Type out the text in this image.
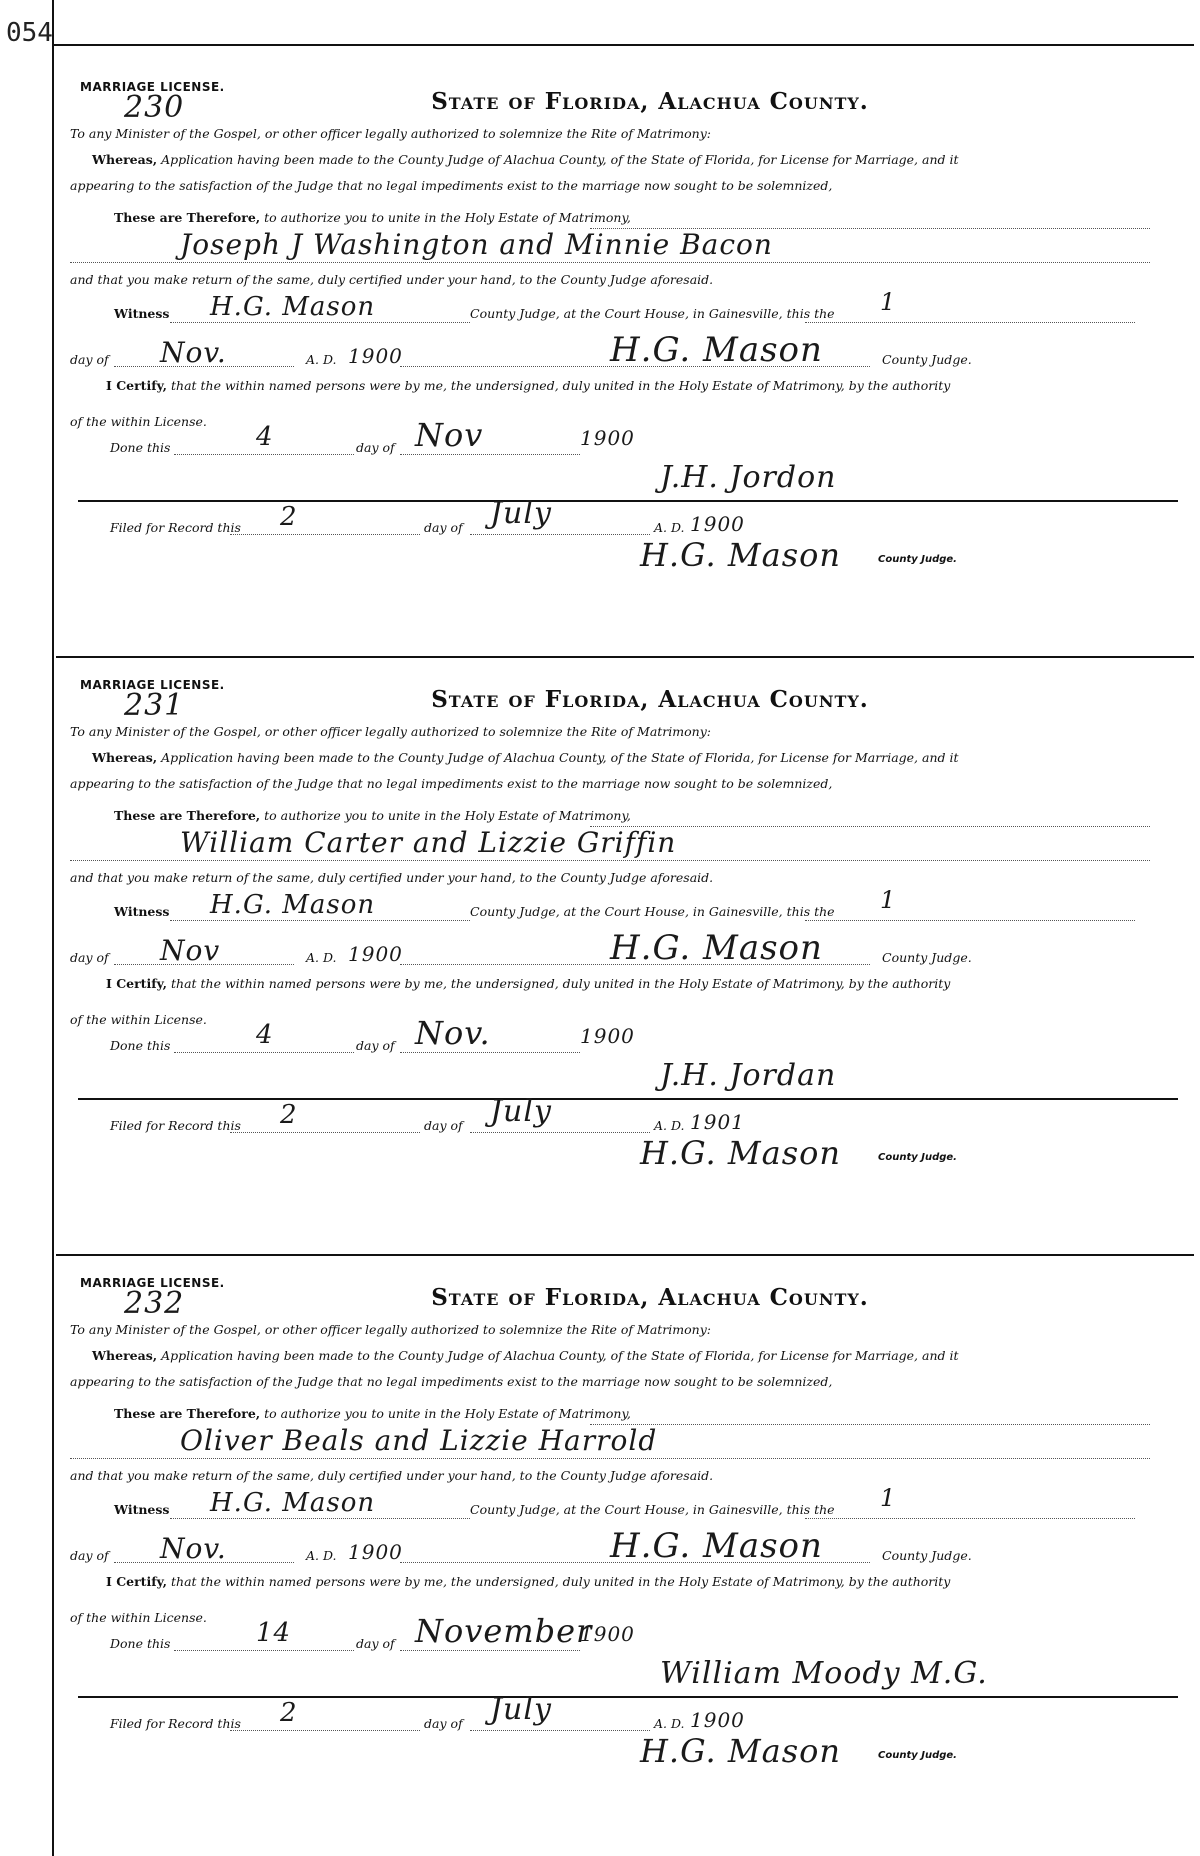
054
MARRIAGE LICENSE.
230	State of Florida, Alachua County.
To any Minister of the Gospel, or other officer legally authorized to solemnize the Rite of Matrimony:
Whereas, Application having been made to the County Judge of Alachua County, of the State of Florida, for License for Marriage, and it
appearing to the satisfaction of the Judge that no legal impediments exist to the marriage now sought to be solemnized,
These are Therefore, to authorize you to unite in the Holy Estate of Matrimony,
Joseph J Washington and Minnie Bacon
and that you make return of the same, duly certified under your hand, to the County Judge aforesaid.
Witness H.G. Mason	County Judge, at the Court House, in Gainesville, this the 1
day of Nov.	A. D. 1900	H.G. Mason	County Judge.
I Certify, that the within named persons were by me, the undersigned, duly united in the Holy Estate of Matrimony, by the authority
of the within License.
Done this	4	day of Nov	1900
J.H. Jordon
Filed for Record this 2	day of July	A. D. 1900
H.G. Mason	County Judge.
MARRIAGE LICENSE.
231	State of Florida, Alachua County.
To any Minister of the Gospel, or other officer legally authorized to solemnize the Rite of Matrimony:
Whereas, Application having been made to the County Judge of Alachua County, of the State of Florida, for License for Marriage, and it
appearing to the satisfaction of the Judge that no legal impediments exist to the marriage now sought to be solemnized,
These are Therefore, to authorize you to unite in the Holy Estate of Matrimony,
William Carter and Lizzie Griffin
and that you make return of the same, duly certified under your hand, to the County Judge aforesaid.
Witness H.G. Mason	County Judge, at the Court House, in Gainesville, this the 1
day of Nov	A. D. 1900	H.G. Mason	County Judge.
I Certify, that the within named persons were by me, the undersigned, duly united in the Holy Estate of Matrimony, by the authority
of the within License.
Done this	4	day of Nov.	1900
J.H. Jordan
Filed for Record this 2	day of July	A. D. 1901
H.G. Mason	County Judge.
MARRIAGE LICENSE.
232	State of Florida, Alachua County.
To any Minister of the Gospel, or other officer legally authorized to solemnize the Rite of Matrimony:
Whereas, Application having been made to the County Judge of Alachua County, of the State of Florida, for License for Marriage, and it
appearing to the satisfaction of the Judge that no legal impediments exist to the marriage now sought to be solemnized,
These are Therefore, to authorize you to unite in the Holy Estate of Matrimony,
Oliver Beals and Lizzie Harrold
and that you make return of the same, duly certified under your hand, to the County Judge aforesaid.
Witness H.G. Mason	County Judge, at the Court House, in Gainesville, this the 1
day of Nov.	A. D. 1900	H.G. Mason	County Judge.
I Certify, that the within named persons were by me, the undersigned, duly united in the Holy Estate of Matrimony, by the authority
of the within License.
Done this	14	day of November
1900
William Moody M.G.
Filed for Record this 2	day of July	A. D. 1900
H.G. Mason	County Judge.
